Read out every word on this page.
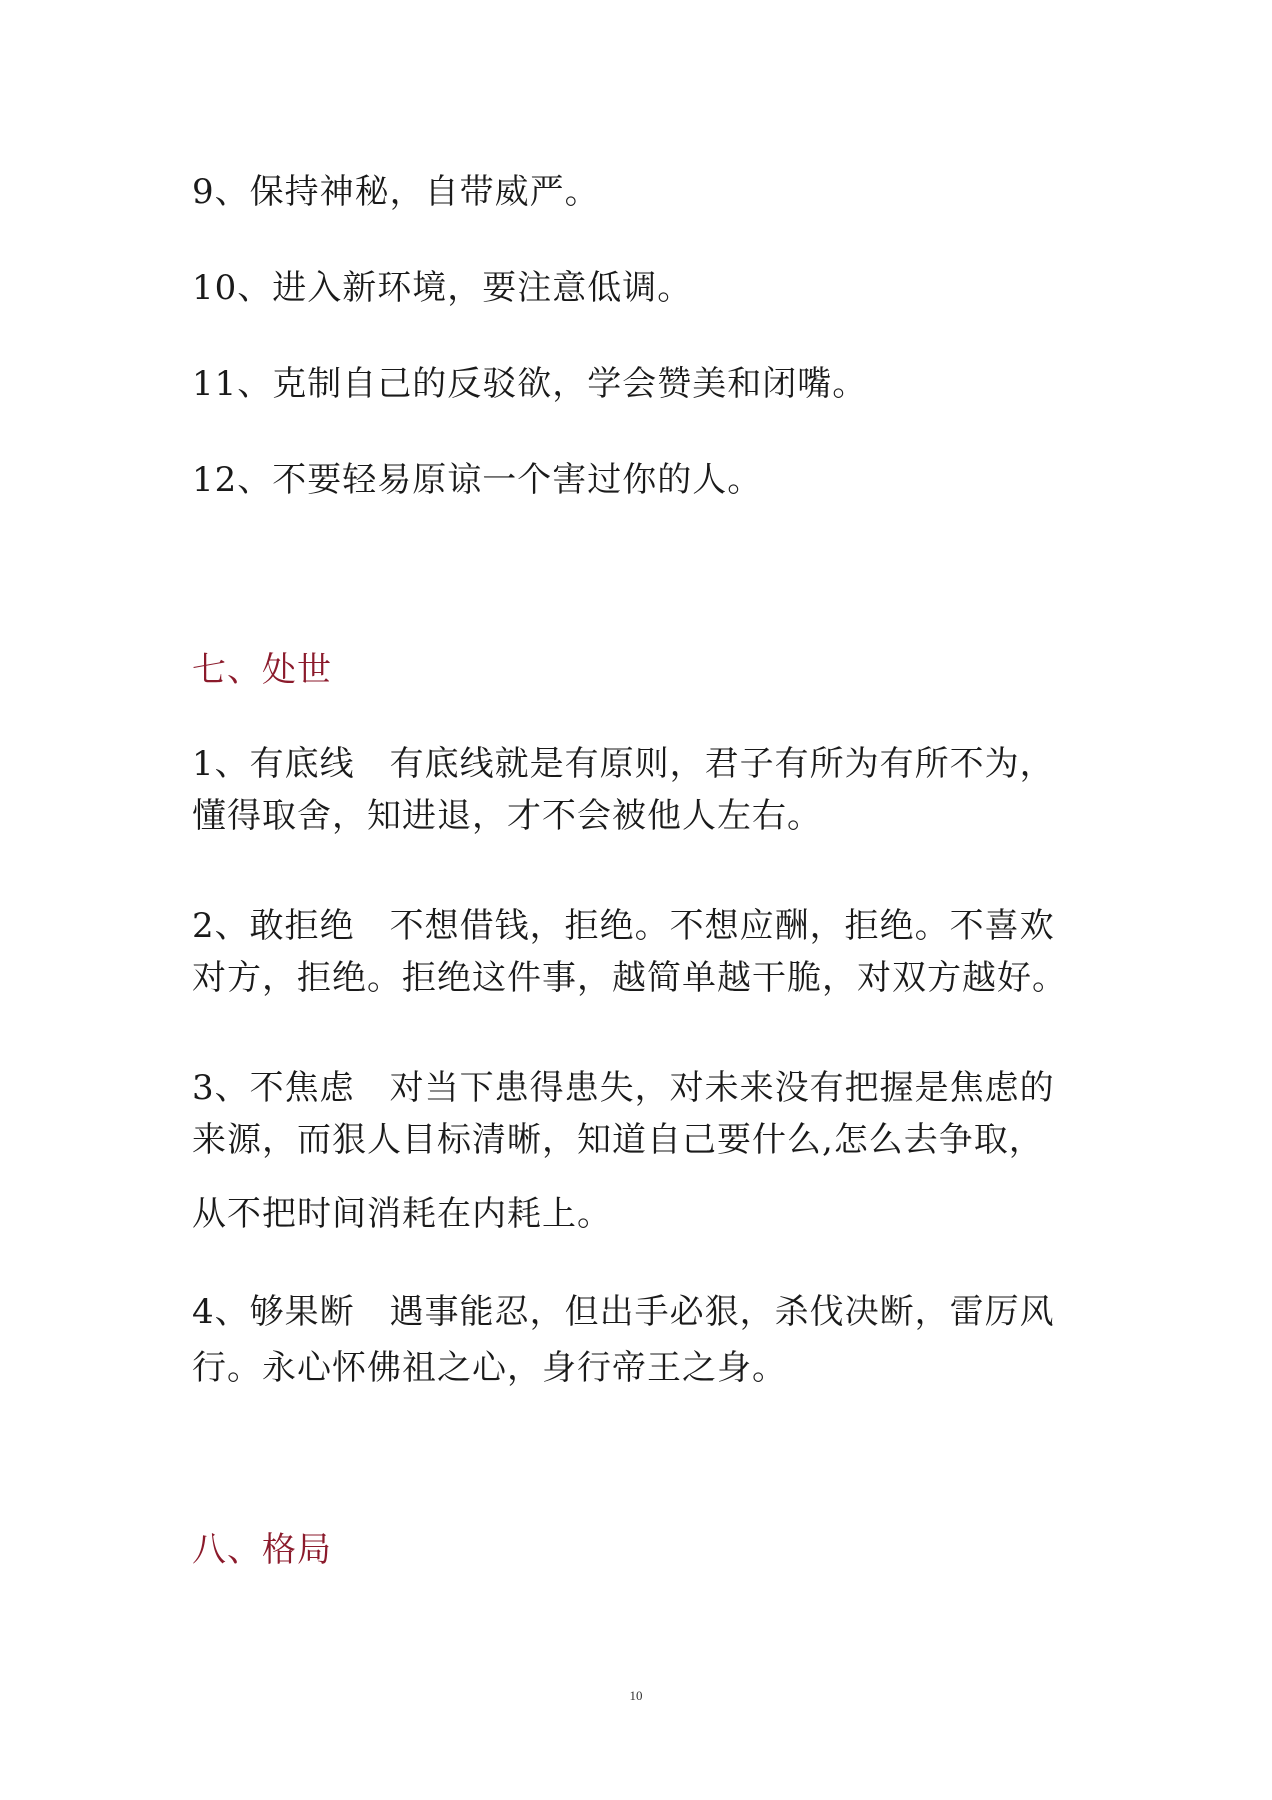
9、保持神秘，自带威严。
10、进入新环境，要注意低调。
11、克制自己的反驳欲，学会赞美和闭嘴。
12、不要轻易原谅一个害过你的人。
七、处世
1、有底线　有底线就是有原则，君子有所为有所不为，
懂得取舍，知进退，才不会被他人左右。
2、敢拒绝　不想借钱，拒绝。不想应酬，拒绝。不喜欢
对方，拒绝。拒绝这件事，越简单越干脆，对双方越好。
3、不焦虑　对当下患得患失，对未来没有把握是焦虑的
来源，而狠人目标清晰，知道自己要什么,怎么去争取，
从不把时间消耗在内耗上。
4、够果断　遇事能忍，但出手必狠，杀伐决断，雷厉风
行。永心怀佛祖之心，身行帝王之身。
八、格局
10
